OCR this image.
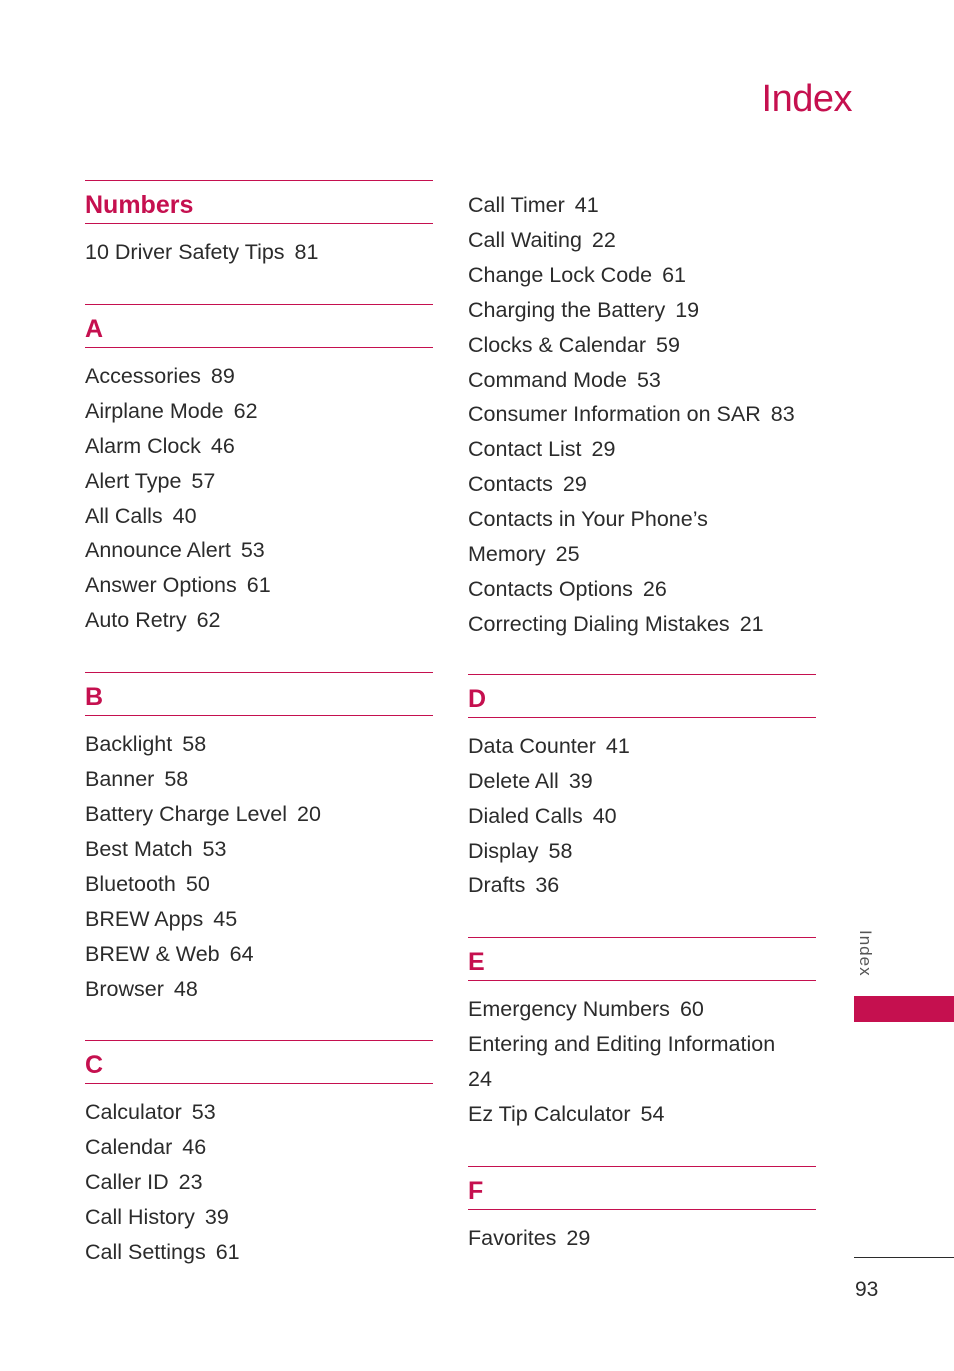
Index
Numbers
10 Driver Safety Tips 81
A
Accessories 89
Airplane Mode 62
Alarm Clock 46
Alert Type 57
All Calls 40
Announce Alert 53
Answer Options 61
Auto Retry 62
B
Backlight 58
Banner 58
Battery Charge Level 20
Best Match 53
Bluetooth 50
BREW Apps 45
BREW & Web 64
Browser 48
C
Calculator 53
Calendar 46
Caller ID 23
Call History 39
Call Settings 61
Call Timer 41
Call Waiting 22
Change Lock Code 61
Charging the Battery 19
Clocks & Calendar 59
Command Mode 53
Consumer Information on SAR 83
Contact List 29
Contacts 29
Contacts in Your Phone’s
Memory 25
Contacts Options 26
Correcting Dialing Mistakes 21
D
Data Counter 41
Delete All 39
Dialed Calls 40
Display 58
Drafts 36
E
Emergency Numbers 60
Entering and Editing Information
24
Ez Tip Calculator 54
F
Favorites 29
Index
93
